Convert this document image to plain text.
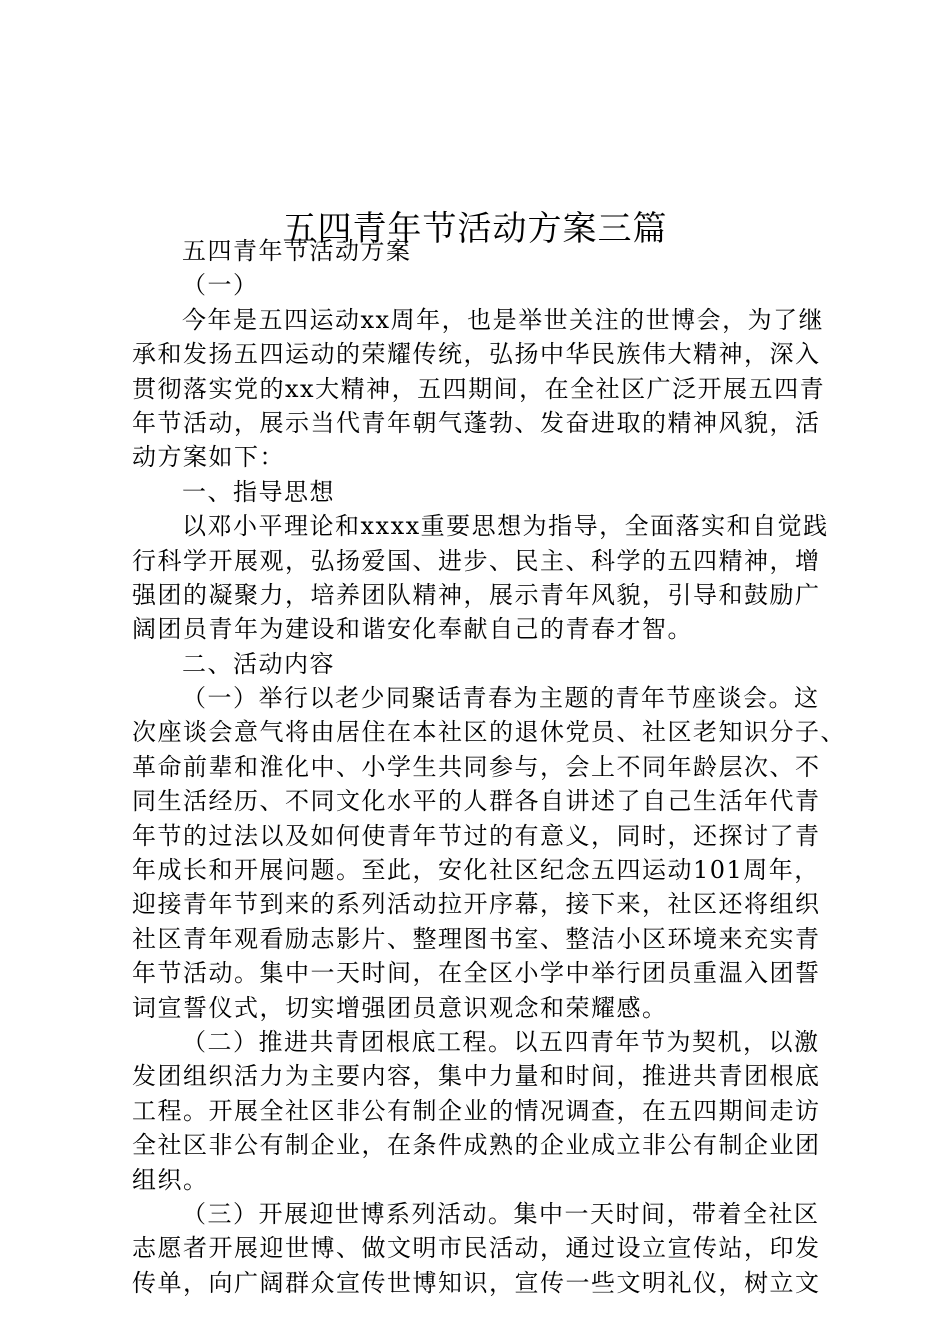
五四青年节活动方案三篇
五四青年节活动方案
（一）
今年是五四运动xx周年，也是举世关注的世博会，为了继
承和发扬五四运动的荣耀传统，弘扬中华民族伟大精神，深入
贯彻落实党的xx大精神，五四期间，在全社区广泛开展五四青
年节活动，展示当代青年朝气蓬勃、发奋进取的精神风貌，活
动方案如下：
一、指导思想
以邓小平理论和xxxx重要思想为指导，全面落实和自觉践
行科学开展观，弘扬爱国、进步、民主、科学的五四精神，增
强团的凝聚力，培养团队精神，展示青年风貌，引导和鼓励广
阔团员青年为建设和谐安化奉献自己的青春才智。
二、活动内容
（一）举行以老少同聚话青春为主题的青年节座谈会。这
次座谈会意气将由居住在本社区的退休党员、社区老知识分子、
革命前辈和淮化中、小学生共同参与，会上不同年龄层次、不
同生活经历、不同文化水平的人群各自讲述了自己生活年代青
年节的过法以及如何使青年节过的有意义，同时，还探讨了青
年成长和开展问题。至此，安化社区纪念五四运动101周年，
迎接青年节到来的系列活动拉开序幕，接下来，社区还将组织
社区青年观看励志影片、整理图书室、整洁小区环境来充实青
年节活动。集中一天时间，在全区小学中举行团员重温入团誓
词宣誓仪式，切实增强团员意识观念和荣耀感。
（二）推进共青团根底工程。以五四青年节为契机，以激
发团组织活力为主要内容，集中力量和时间，推进共青团根底
工程。开展全社区非公有制企业的情况调查，在五四期间走访
全社区非公有制企业，在条件成熟的企业成立非公有制企业团
组织。
（三）开展迎世博系列活动。集中一天时间，带着全社区
志愿者开展迎世博、做文明市民活动，通过设立宣传站，印发
传单，向广阔群众宣传世博知识，宣传一些文明礼仪，树立文
